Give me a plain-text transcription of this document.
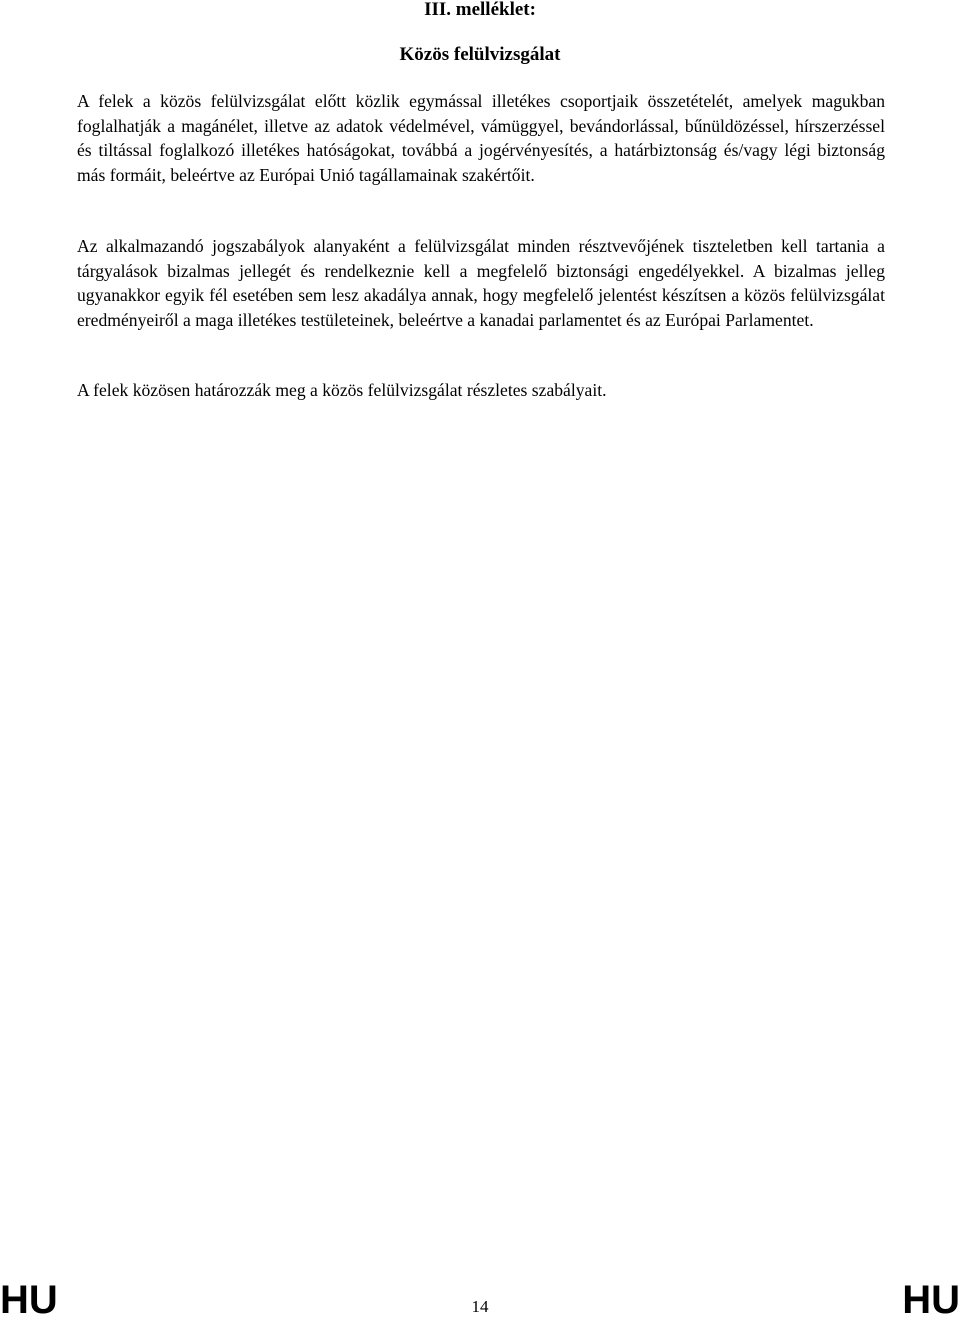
III. melléklet:
Közös felülvizsgálat

A felek a közös felülvizsgálat előtt közlik egymással illetékes csoportjaik összetételét, amelyek magukban foglalhatják a magánélet, illetve az adatok védelmével, vámüggyel, bevándorlással, bűnüldözéssel, hírszerzéssel és tiltással foglalkozó illetékes hatóságokat, továbbá a jogérvényesítés, a határbiztonság és/vagy légi biztonság más formáit, beleértve az Európai Unió tagállamainak szakértőit.

Az alkalmazandó jogszabályok alanyaként a felülvizsgálat minden résztvevőjének tiszteletben kell tartania a tárgyalások bizalmas jellegét és rendelkeznie kell a megfelelő biztonsági engedélyekkel. A bizalmas jelleg ugyanakkor egyik fél esetében sem lesz akadálya annak, hogy megfelelő jelentést készítsen a közös felülvizsgálat eredményeiről a maga illetékes testületeinek, beleértve a kanadai parlamentet és az Európai Parlamentet.

A felek közösen határozzák meg a közös felülvizsgálat részletes szabályait.

HU	14	HU
